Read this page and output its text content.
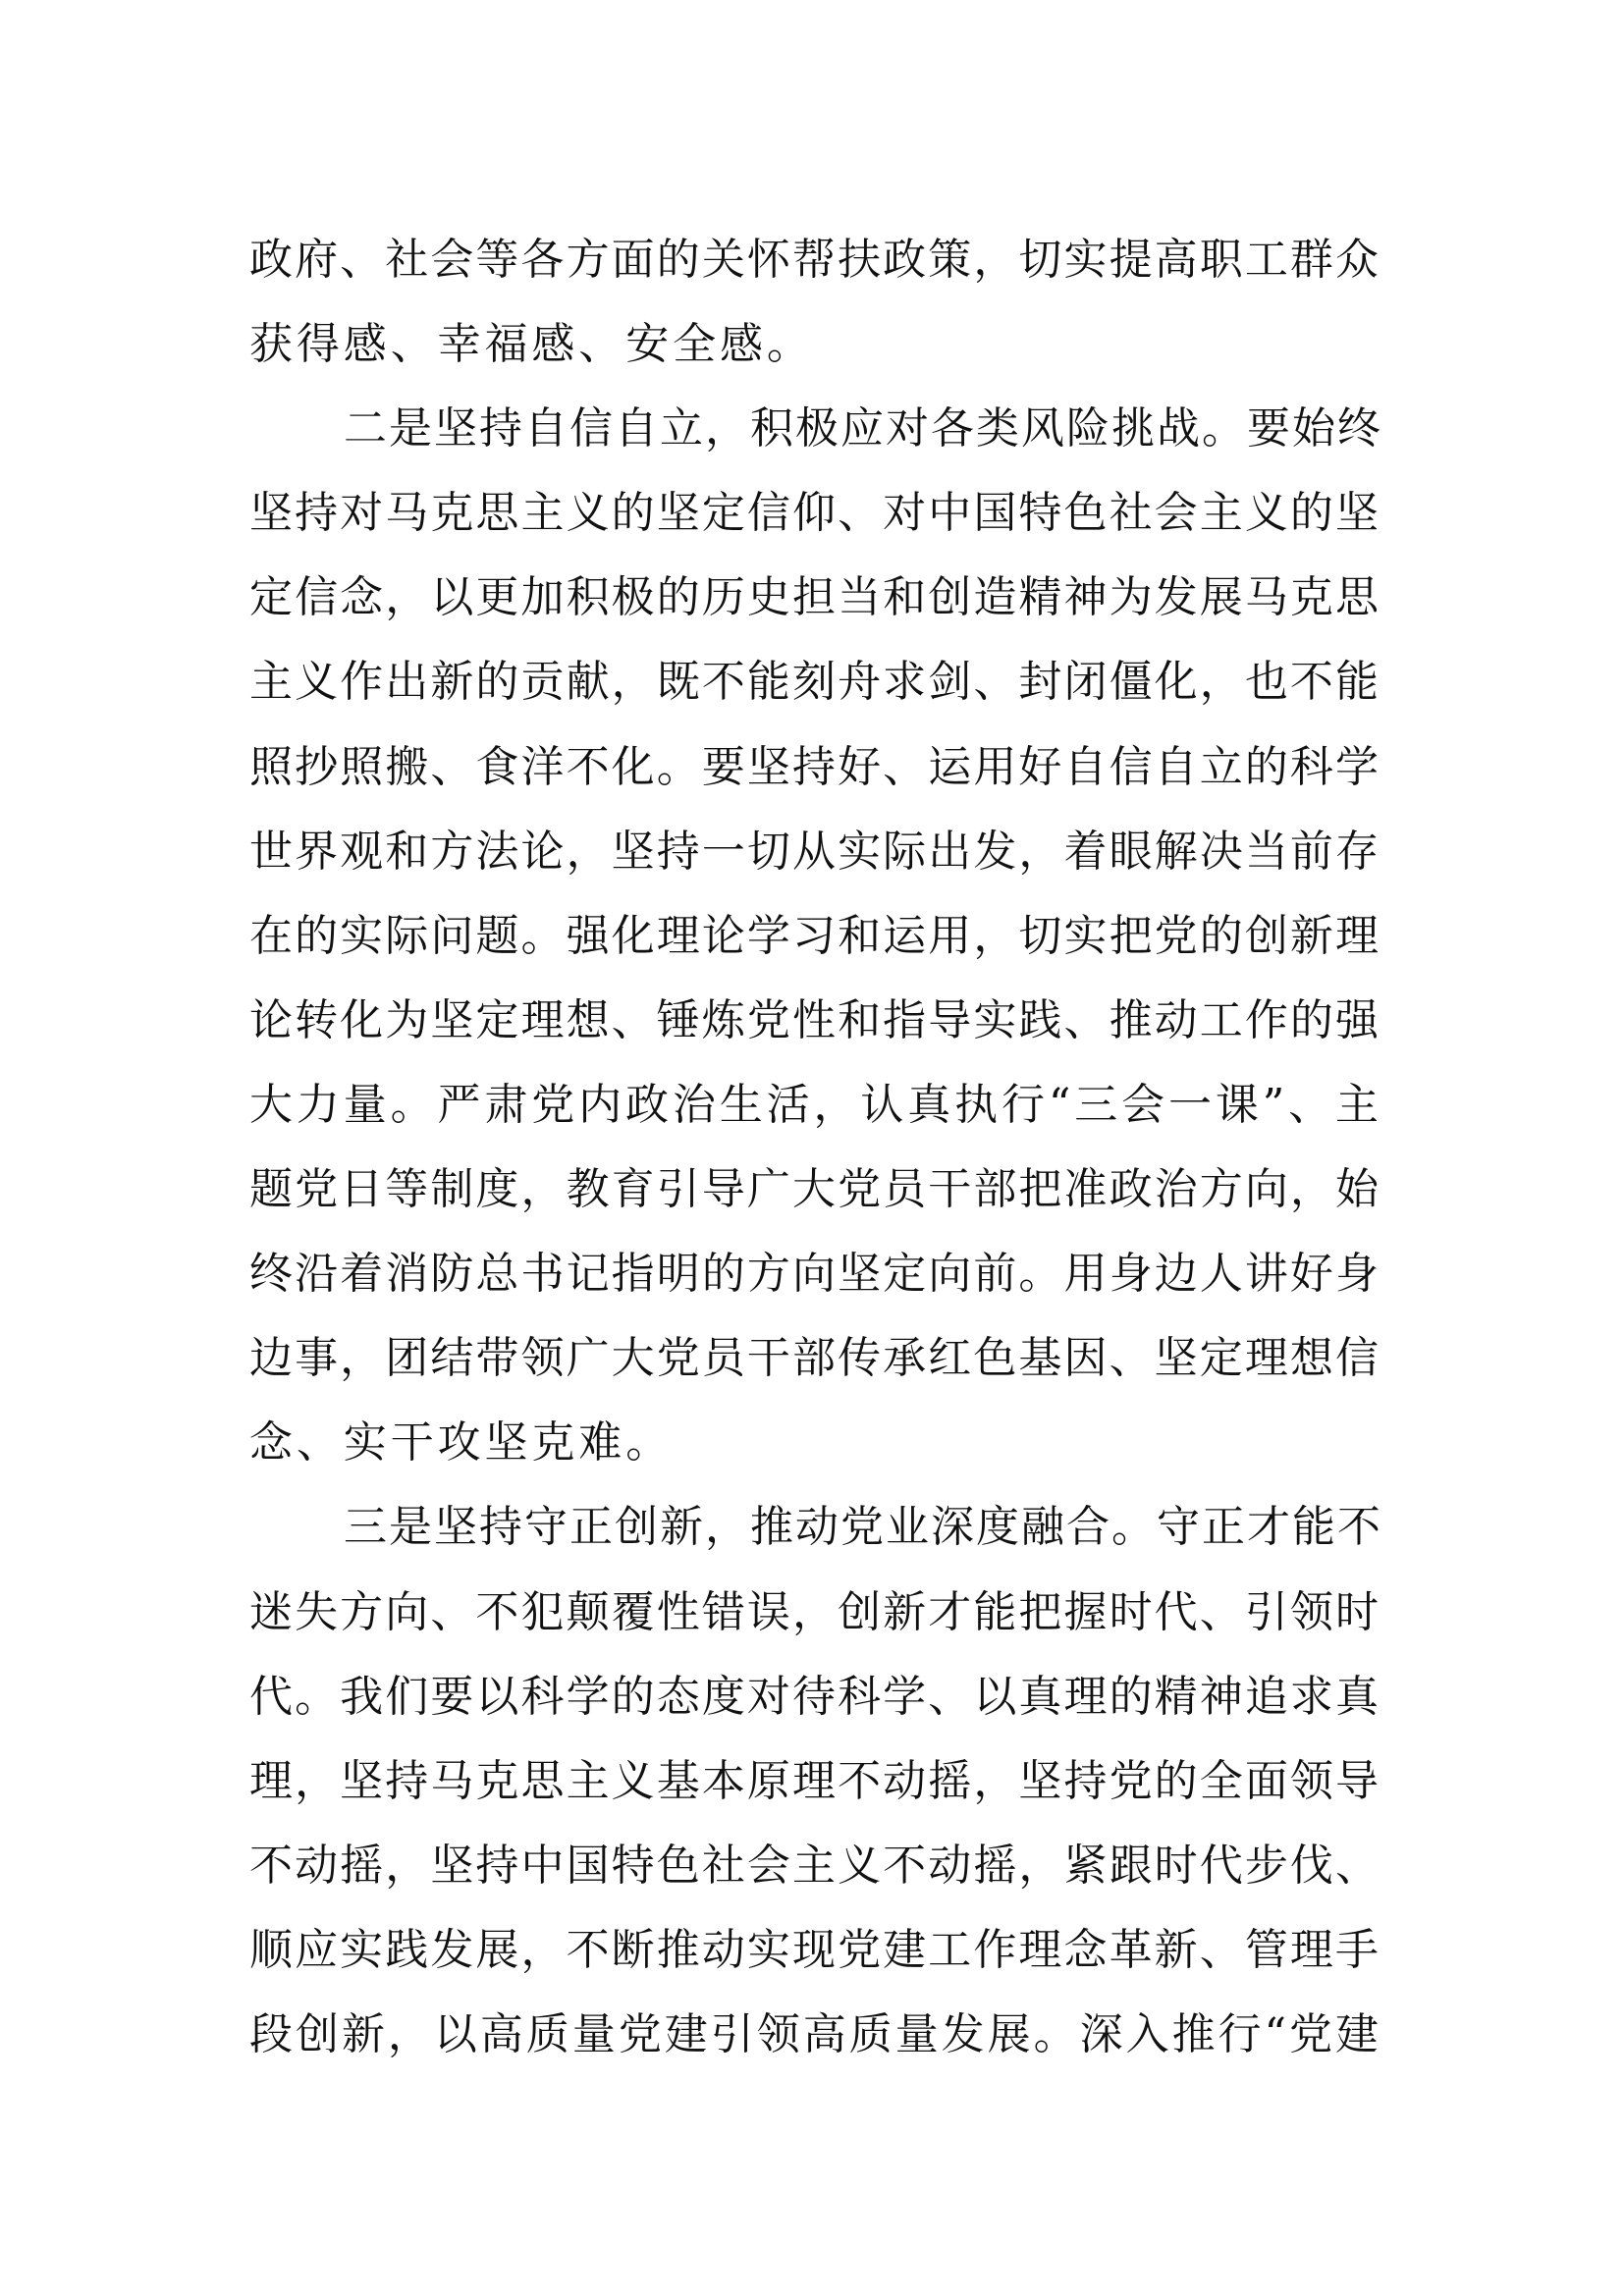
政府、社会等各方面的关怀帮扶政策，切实提高职工群众
获得感、幸福感、安全感。
二是坚持自信自立，积极应对各类风险挑战。要始终
坚持对马克思主义的坚定信仰、对中国特色社会主义的坚
定信念，以更加积极的历史担当和创造精神为发展马克思
主义作出新的贡献，既不能刻舟求剑、封闭僵化，也不能
照抄照搬、食洋不化。要坚持好、运用好自信自立的科学
世界观和方法论，坚持一切从实际出发，着眼解决当前存
在的实际问题。强化理论学习和运用，切实把党的创新理
论转化为坚定理想、锤炼党性和指导实践、推动工作的强
大力量。严肃党内政治生活，认真执行“三会一课”、主
题党日等制度，教育引导广大党员干部把准政治方向，始
终沿着消防总书记指明的方向坚定向前。用身边人讲好身
边事，团结带领广大党员干部传承红色基因、坚定理想信
念、实干攻坚克难。
三是坚持守正创新，推动党业深度融合。守正才能不
迷失方向、不犯颠覆性错误，创新才能把握时代、引领时
代。我们要以科学的态度对待科学、以真理的精神追求真
理，坚持马克思主义基本原理不动摇，坚持党的全面领导
不动摇，坚持中国特色社会主义不动摇，紧跟时代步伐、
顺应实践发展，不断推动实现党建工作理念革新、管理手
段创新，以高质量党建引领高质量发展。深入推行“党建
